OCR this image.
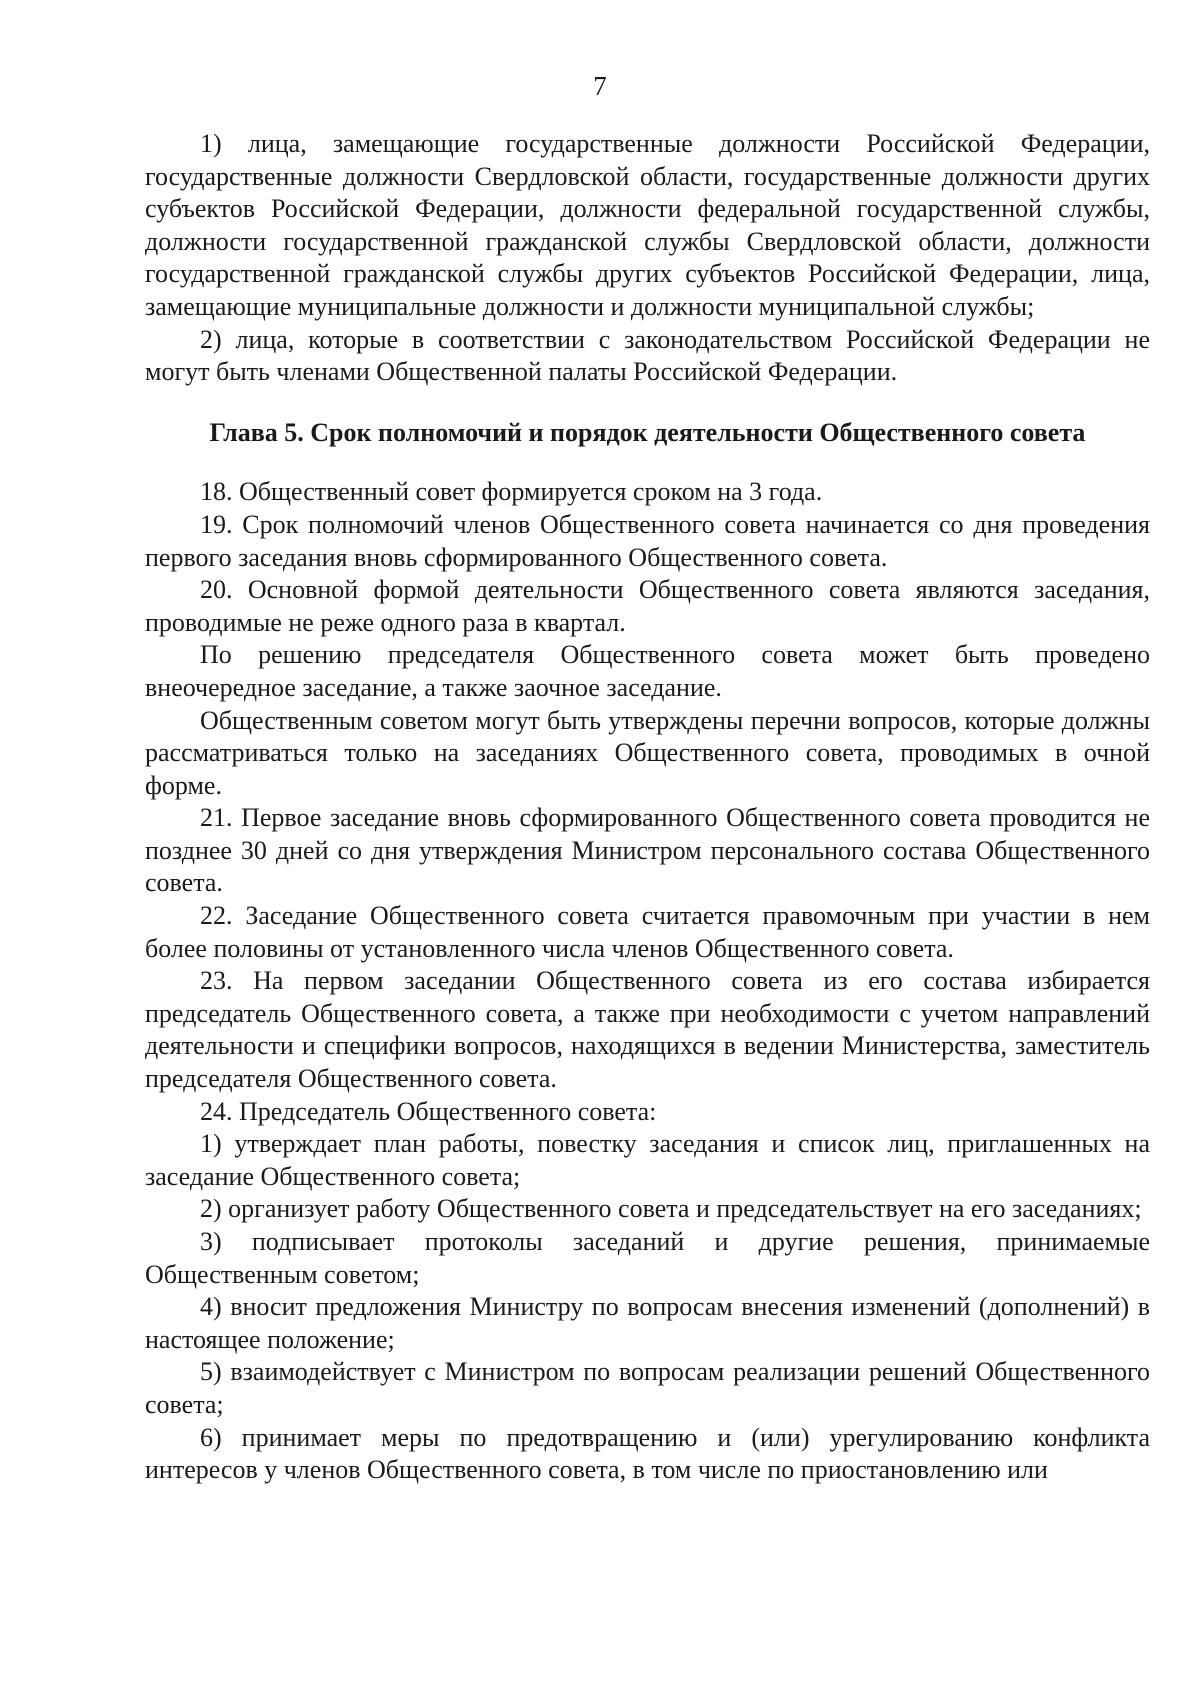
7

1) лица, замещающие государственные должности Российской Федерации, государственные должности Свердловской области, государственные должности других субъектов Российской Федерации, должности федеральной государственной службы, должности государственной гражданской службы Свердловской области, должности государственной гражданской службы других субъектов Российской Федерации, лица, замещающие муниципальные должности и должности муниципальной службы;

2) лица, которые в соответствии с законодательством Российской Федерации не могут быть членами Общественной палаты Российской Федерации.

Глава 5. Срок полномочий и порядок деятельности Общественного совета

18. Общественный совет формируется сроком на 3 года.

19. Срок полномочий членов Общественного совета начинается со дня проведения первого заседания вновь сформированного Общественного совета.

20. Основной формой деятельности Общественного совета являются заседания, проводимые не реже одного раза в квартал.

По решению председателя Общественного совета может быть проведено внеочередное заседание, а также заочное заседание.

Общественным советом могут быть утверждены перечни вопросов, которые должны рассматриваться только на заседаниях Общественного совета, проводимых в очной форме.

21. Первое заседание вновь сформированного Общественного совета проводится не позднее 30 дней со дня утверждения Министром персонального состава Общественного совета.

22. Заседание Общественного совета считается правомочным при участии в нем более половины от установленного числа членов Общественного совета.

23. На первом заседании Общественного совета из его состава избирается председатель Общественного совета, а также при необходимости с учетом направлений деятельности и специфики вопросов, находящихся в ведении Министерства, заместитель председателя Общественного совета.

24. Председатель Общественного совета:

1) утверждает план работы, повестку заседания и список лиц, приглашенных на заседание Общественного совета;

2) организует работу Общественного совета и председательствует на его заседаниях;

3) подписывает протоколы заседаний и другие решения, принимаемые Общественным советом;

4) вносит предложения Министру по вопросам внесения изменений (дополнений) в настоящее положение;

5) взаимодействует с Министром по вопросам реализации решений Общественного совета;

6) принимает меры по предотвращению и (или) урегулированию конфликта интересов у членов Общественного совета, в том числе по приостановлению или
